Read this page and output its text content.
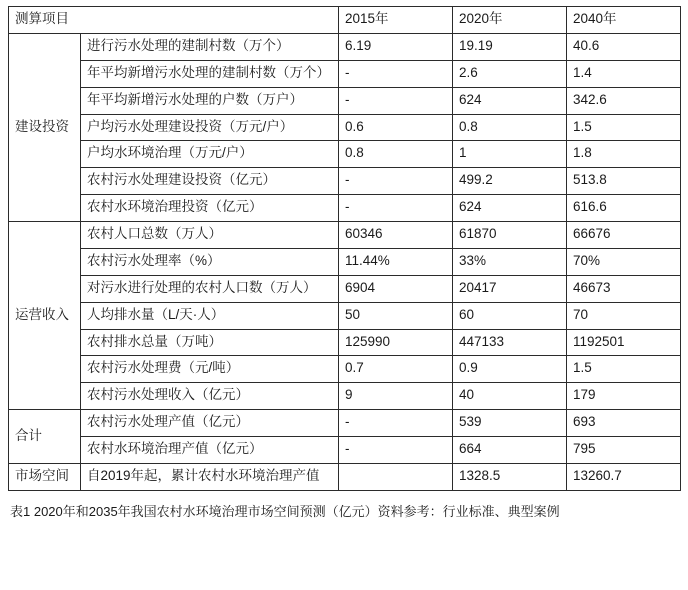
测算项目		2015年	2020年	2040年
建设投资	进行污水处理的建制村数（万个）	6.19	19.19	40.6
	年平均新增污水处理的建制村数（万个）	-	2.6	1.4
	年平均新增污水处理的户数（万户）	-	624	342.6
	户均污水处理建设投资（万元/户）	0.6	0.8	1.5
	户均水环境治理（万元/户）	0.8	1	1.8
	农村污水处理建设投资（亿元）	-	499.2	513.8
	农村水环境治理投资（亿元）	-	624	616.6
运营收入	农村人口总数（万人）	60346	61870	66676
	农村污水处理率（%）	11.44%	33%	70%
	对污水进行处理的农村人口数（万人）	6904	20417	46673
	人均排水量（L/天·人）	50	60	70
	农村排水总量（万吨）	125990	447133	1192501
	农村污水处理费（元/吨）	0.7	0.9	1.5
	农村污水处理收入（亿元）	9	40	179
合计	农村污水处理产值（亿元）	-	539	693
	农村水环境治理产值（亿元）	-	664	795
市场空间	自2019年起，累计农村水环境治理产值		1328.5	13260.7
表1 2020年和2035年我国农村水环境治理市场空间预测（亿元）资料参考：行业标准、典型案例
